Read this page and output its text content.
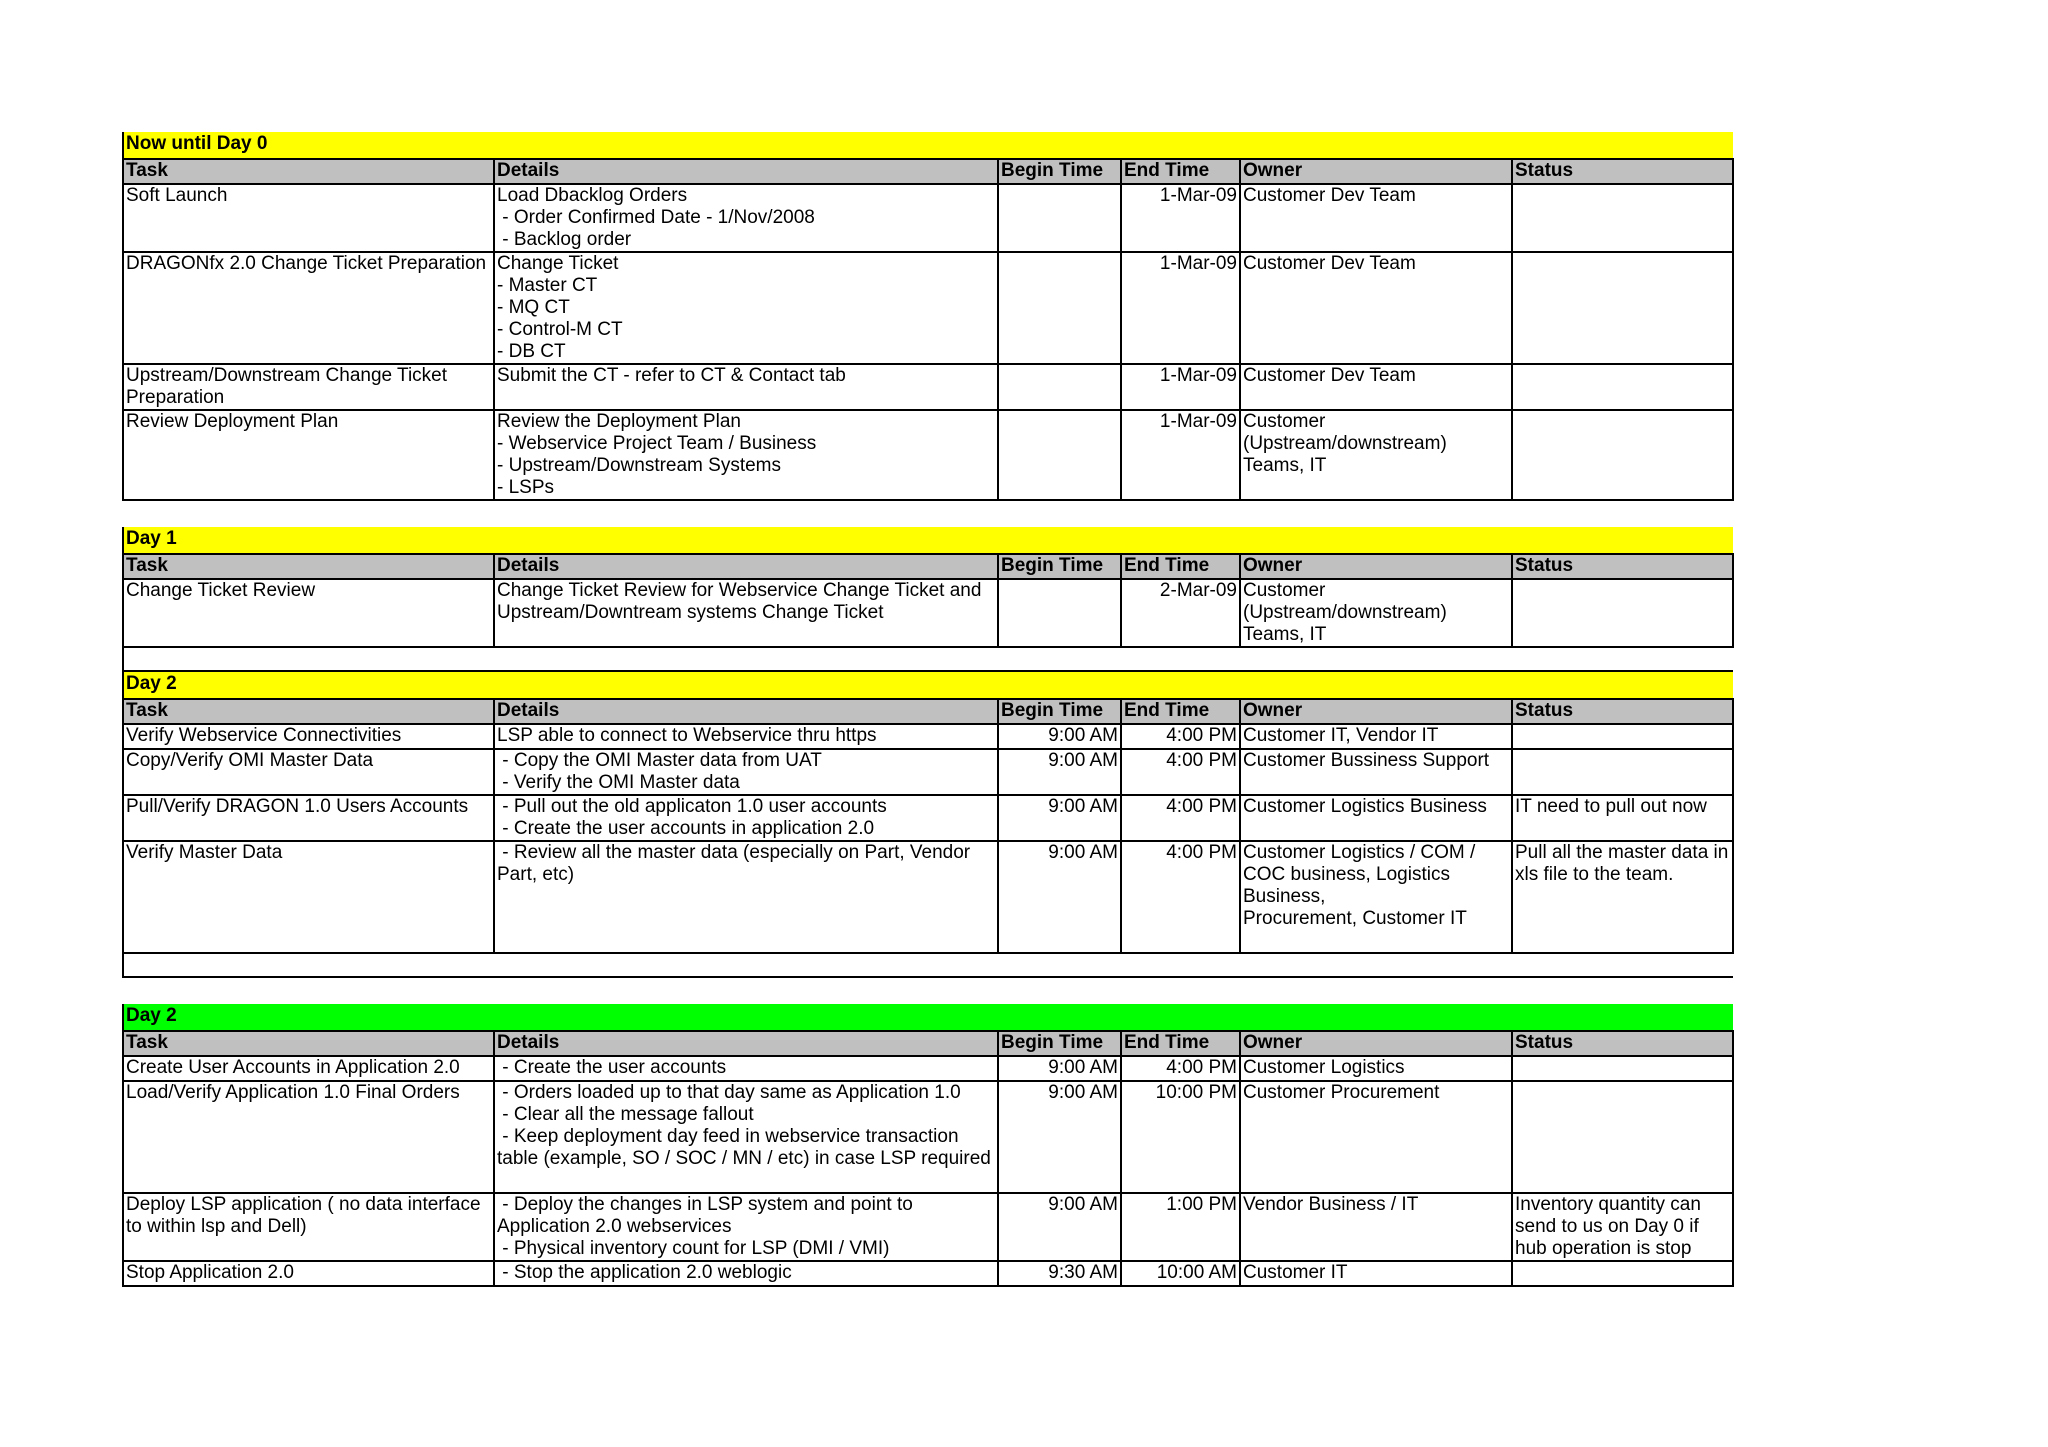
Now until Day 0					
Task	Details	Begin Time	End Time	Owner	Status
Soft Launch	Load Dbacklog Orders
- Order Confirmed Date - 1/Nov/2008
- Backlog order		1-Mar-09	Customer Dev Team	
DRAGONfx 2.0 Change Ticket Preparation	Change Ticket
- Master CT
- MQ CT
- Control-M CT
- DB CT		1-Mar-09	Customer Dev Team	
Upstream/Downstream Change Ticket Preparation	Submit the CT - refer to CT & Contact tab		1-Mar-09	Customer Dev Team	
Review Deployment Plan	Review the Deployment Plan
- Webservice Project Team / Business
- Upstream/Downstream Systems
- LSPs		1-Mar-09	Customer
(Upstream/downstream)
Teams, IT	
Day 1					
Task	Details	Begin Time	End Time	Owner	Status
Change Ticket Review	Change Ticket Review for Webservice Change Ticket and Upstream/Downtream systems Change Ticket		2-Mar-09	Customer
(Upstream/downstream)
Teams, IT	

Day 2					
Task	Details	Begin Time	End Time	Owner	Status
Verify Webservice Connectivities	LSP able to connect to Webservice thru https	9:00 AM	4:00 PM	Customer IT, Vendor IT	
Copy/Verify OMI Master Data	- Copy the OMI Master data from UAT
- Verify the OMI Master data	9:00 AM	4:00 PM	Customer Bussiness Support	
Pull/Verify DRAGON 1.0 Users Accounts	- Pull out the old applicaton 1.0 user accounts
- Create the user accounts in application 2.0	9:00 AM	4:00 PM	Customer Logistics Business	IT need to pull out now
Verify Master Data	- Review all the master data (especially on Part, Vendor Part, etc)	9:00 AM	4:00 PM	Customer Logistics / COM / COC business, Logistics Business,
Procurement, Customer IT	Pull all the master data in xls file to the team.

Day 2					
Task	Details	Begin Time	End Time	Owner	Status
Create User Accounts in Application 2.0	- Create the user accounts	9:00 AM	4:00 PM	Customer Logistics	
Load/Verify Application 1.0 Final Orders	- Orders loaded up to that day same as Application 1.0
- Clear all the message fallout
- Keep deployment day feed in webservice transaction table (example, SO / SOC / MN / etc) in case LSP required	9:00 AM	10:00 PM	Customer Procurement	
Deploy LSP application ( no data interface to within lsp and Dell)	- Deploy the changes in LSP system and point to Application 2.0 webservices
- Physical inventory count for LSP (DMI / VMI)	9:00 AM	1:00 PM	Vendor Business / IT	Inventory quantity can send to us on Day 0 if hub operation is stop
Stop Application 2.0	- Stop the application 2.0 weblogic	9:30 AM	10:00 AM	Customer IT	
